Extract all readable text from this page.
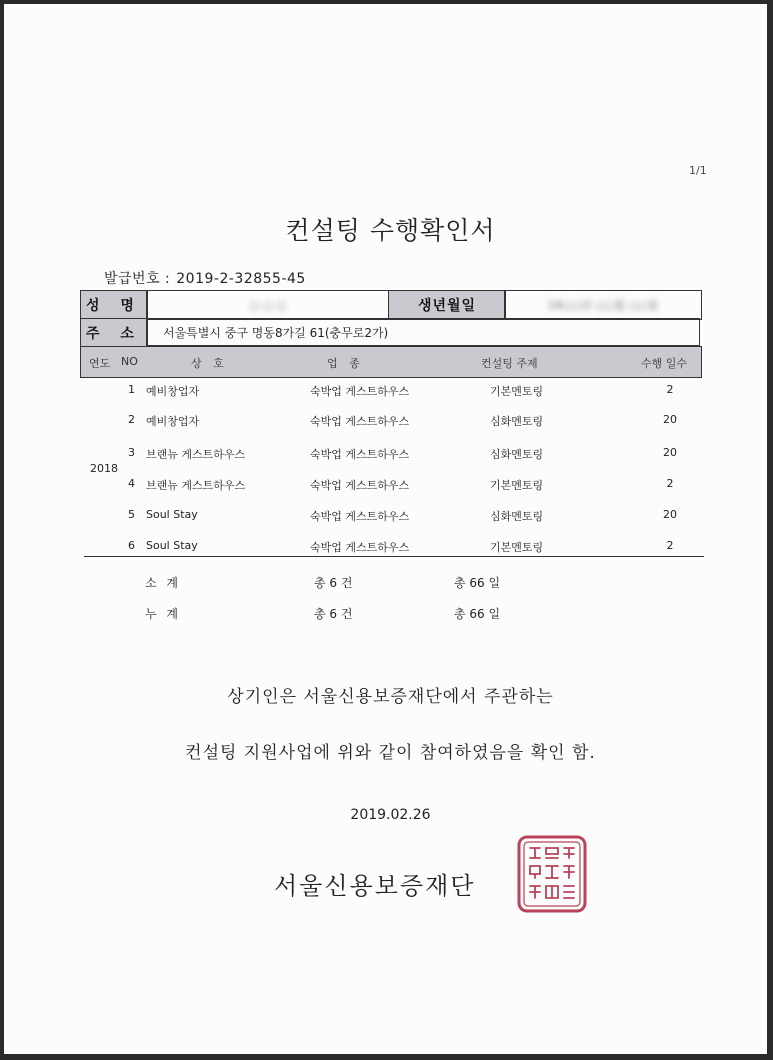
1/1
컨설팅 수행확인서
발급번호 : 2019-2-32855-45
성 명	○ ○ ○	생년월일	19○○년 ○○월 ○○일
주 소	서울특별시 중구 명동8가길 61(충무로2가)
연도 NO	상 호	업 종	컨설팅 주제	수행 일수
2018
1 예비창업자	숙박업 게스트하우스	기본멘토링	2
2 예비창업자	숙박업 게스트하우스	심화멘토링	20
3 브랜뉴 게스트하우스	숙박업 게스트하우스	심화멘토링	20
4 브랜뉴 게스트하우스	숙박업 게스트하우스	기본멘토링	2
5 Soul Stay	숙박업 게스트하우스	심화멘토링	20
6 Soul Stay	숙박업 게스트하우스	기본멘토링	2
소 계	총 6 건	총 66 일
누 계	총 6 건	총 66 일
상기인은 서울신용보증재단에서 주관하는
컨설팅 지원사업에 위와 같이 참여하였음을 확인 함.
2019.02.26
서울신용보증재단
